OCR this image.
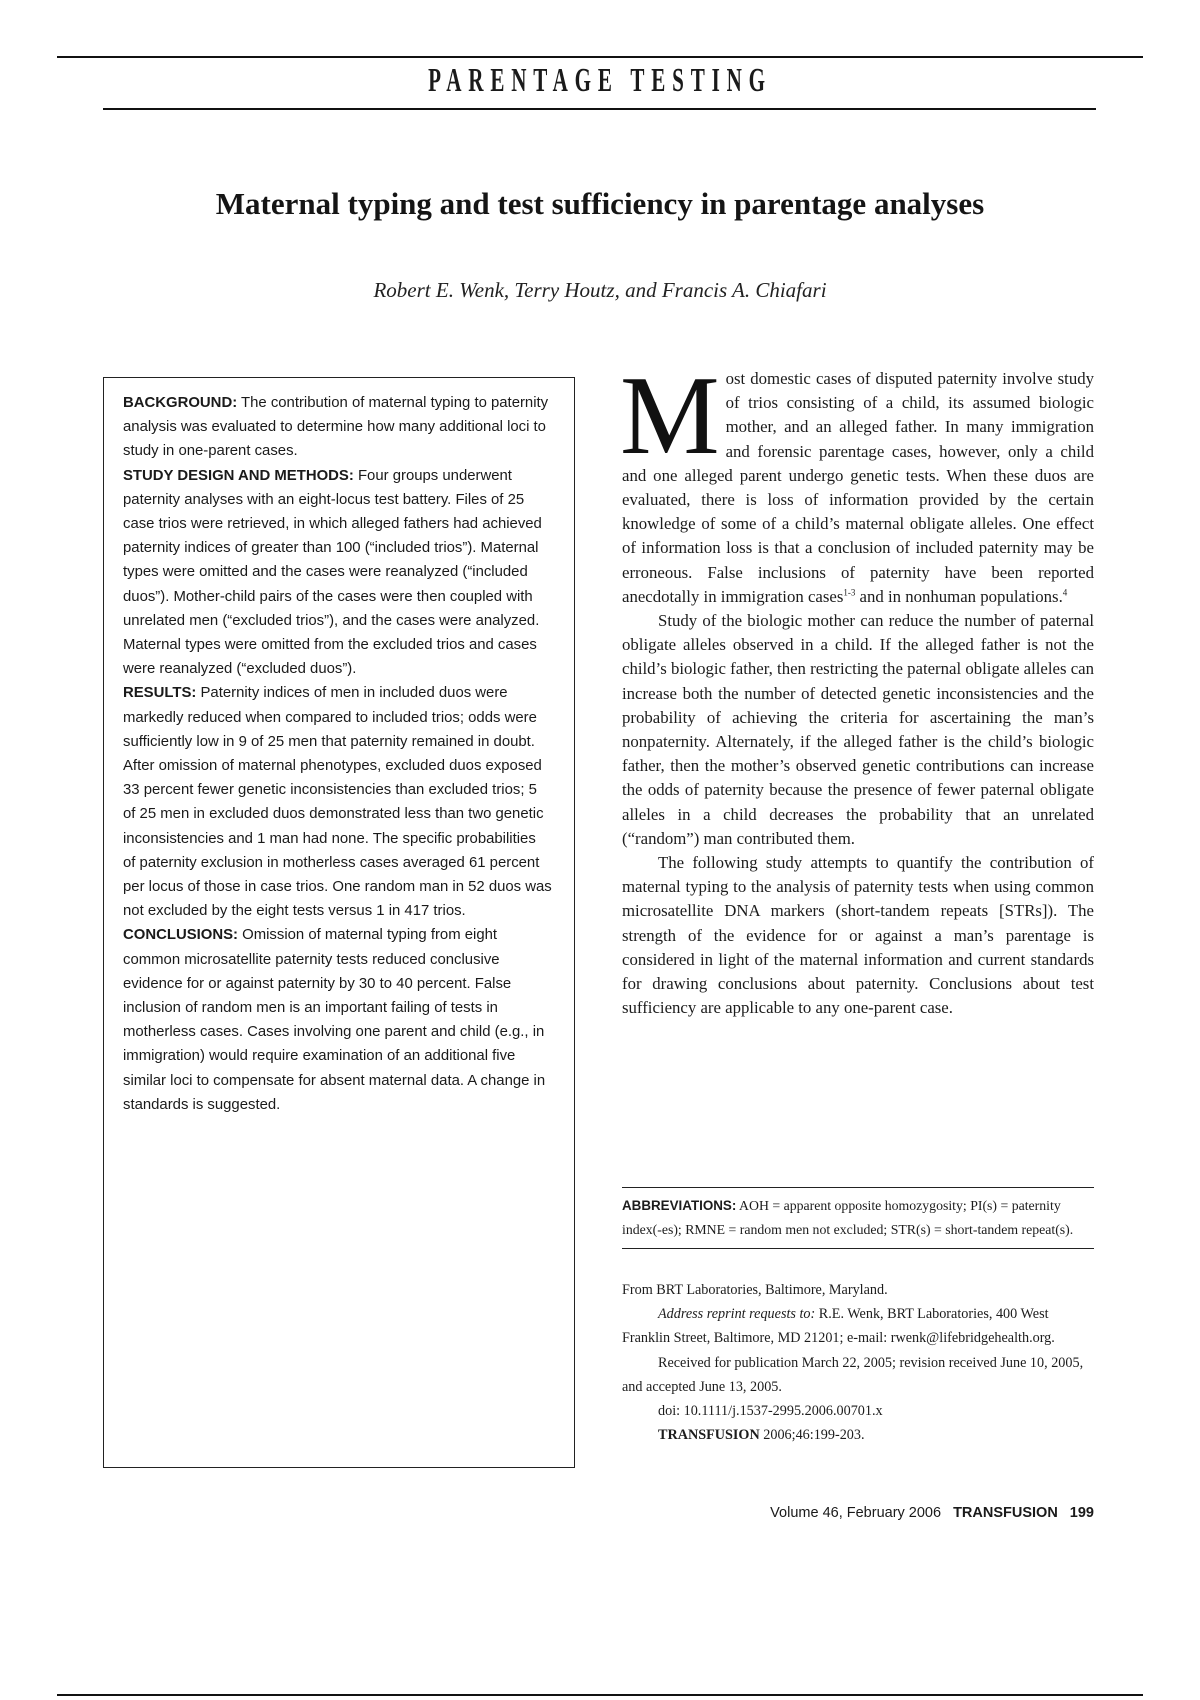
PARENTAGE TESTING
Maternal typing and test sufficiency in parentage analyses
Robert E. Wenk, Terry Houtz, and Francis A. Chiafari

BACKGROUND: The contribution of maternal typing to paternity analysis was evaluated to determine how many additional loci to study in one-parent cases.

STUDY DESIGN AND METHODS: Four groups underwent paternity analyses with an eight-locus test battery. Files of 25 case trios were retrieved, in which alleged fathers had achieved paternity indices of greater than 100 (“included trios”). Maternal types were omitted and the cases were reanalyzed (“included duos”). Mother-child pairs of the cases were then coupled with unrelated men (“excluded trios”), and the cases were analyzed. Maternal types were omitted from the excluded trios and cases were reanalyzed (“excluded duos”).

RESULTS: Paternity indices of men in included duos were markedly reduced when compared to included trios; odds were sufficiently low in 9 of 25 men that paternity remained in doubt. After omission of maternal phenotypes, excluded duos exposed 33 percent fewer genetic inconsistencies than excluded trios; 5 of 25 men in excluded duos demonstrated less than two genetic inconsistencies and 1 man had none. The specific probabilities of paternity exclusion in motherless cases averaged 61 percent per locus of those in case trios. One random man in 52 duos was not excluded by the eight tests versus 1 in 417 trios.

CONCLUSIONS: Omission of maternal typing from eight common microsatellite paternity tests reduced conclusive evidence for or against paternity by 30 to 40 percent. False inclusion of random men is an important failing of tests in motherless cases. Cases involving one parent and child (e.g., in immigration) would require examination of an additional five similar loci to compensate for absent maternal data. A change in standards is suggested.

Most domestic cases of disputed paternity involve study of trios consisting of a child, its assumed biologic mother, and an alleged father. In many immigration and forensic parentage cases, however, only a child and one alleged parent undergo genetic tests. When these duos are evaluated, there is loss of information provided by the certain knowledge of some of a child’s maternal obligate alleles. One effect of information loss is that a conclusion of included paternity may be erroneous. False inclusions of paternity have been reported anecdotally in immigration cases$^{1-3}$ and in nonhuman populations.$^4$

Study of the biologic mother can reduce the number of paternal obligate alleles observed in a child. If the alleged father is not the child’s biologic father, then restricting the paternal obligate alleles can increase both the number of detected genetic inconsistencies and the probability of achieving the criteria for ascertaining the man’s nonpaternity. Alternately, if the alleged father is the child’s biologic father, then the mother’s observed genetic contributions can increase the odds of paternity because the presence of fewer paternal obligate alleles in a child decreases the probability that an unrelated (“random”) man contributed them.

The following study attempts to quantify the contribution of maternal typing to the analysis of paternity tests when using common microsatellite DNA markers (short-tandem repeats [STRs]). The strength of the evidence for or against a man’s parentage is considered in light of the maternal information and current standards for drawing conclusions about paternity. Conclusions about test sufficiency are applicable to any one-parent case.

ABBREVIATIONS: AOH = apparent opposite homozygosity; PI(s) = paternity index(-es); RMNE = random men not excluded; STR(s) = short-tandem repeat(s).

From BRT Laboratories, Baltimore, Maryland.

Address reprint requests to: R.E. Wenk, BRT Laboratories, 400 West Franklin Street, Baltimore, MD 21201; e-mail: rwenk@lifebridgehealth.org.

Received for publication March 22, 2005; revision received June 10, 2005, and accepted June 13, 2005.

doi: 10.1111/j.1537-2995.2006.00701.x

TRANSFUSION 2006;46:199-203.

Volume 46, February 2006 TRANSFUSION 199
